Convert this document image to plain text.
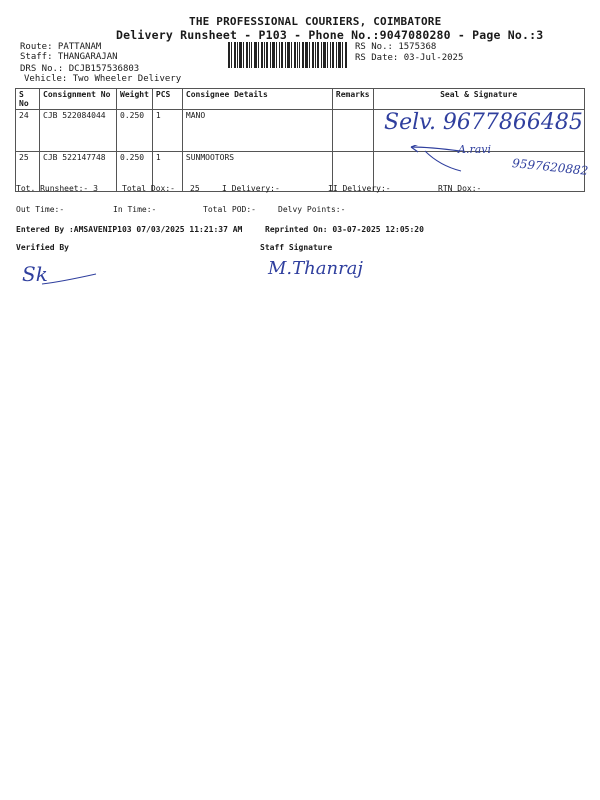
THE PROFESSIONAL COURIERS, COIMBATORE
Delivery Runsheet - P103 - Phone No.:9047080280 - Page No.:3
Route: PATTANAM
Staff: THANGARAJAN
DRS No.: DCJB157536803
Vehicle: Two Wheeler Delivery
RS No.: 1575368
RS Date: 03-Jul-2025
S No	Consignment No	Weight	PCS	Consignee Details	Remarks	Seal & Signature
24	CJB 522084044	0.250	1	MANO		
25	CJB 522147748	0.250	1	SUNMOOTORS		
Selv. 9677866485
A.ravi
9597620882
Tot. Runsheet:- 3	Total Dox:- 25	I Delivery:-	II Delivery:-	RTN Dox:-
Out Time:-	In Time:-	Total POD:-	Delvy Points:-
Entered By :AMSAVENIP103 07/03/2025 11:21:37 AM	Reprinted On: 03-07-2025 12:05:20
Verified By	Staff Signature
Sk	M.Thanraj
